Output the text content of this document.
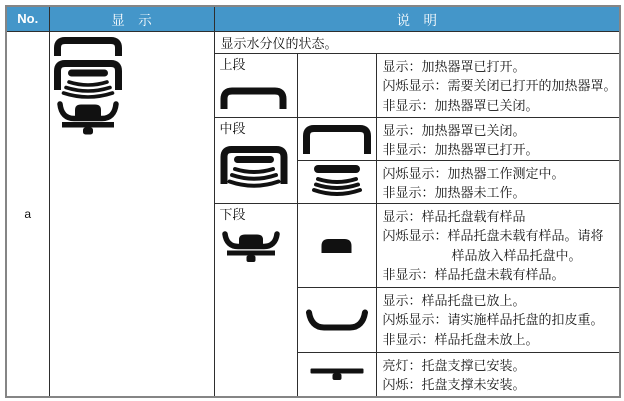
No.	显　示	说　明		
a		显示水分仪的状态。		

		上段		显示：加热器罩已打开。
闪烁显示：需要关闭已打开的加热器罩。
非显示：加热器罩已关闭。

		中段		显示：加热器罩已关闭。
非显示：加热器罩已打开。

闪烁显示：加热器工作测定中。
非显示：加热器未工作。

		下段		显示：样品托盘载有样品
闪烁显示：样品托盘未载有样品。请将
样品放入样品托盘中。
非显示：样品托盘未载有样品。

显示：样品托盘已放上。
闪烁显示：请实施样品托盘的扣皮重。
非显示：样品托盘未放上。

亮灯：托盘支撑已安装。
闪烁：托盘支撑未安装。
